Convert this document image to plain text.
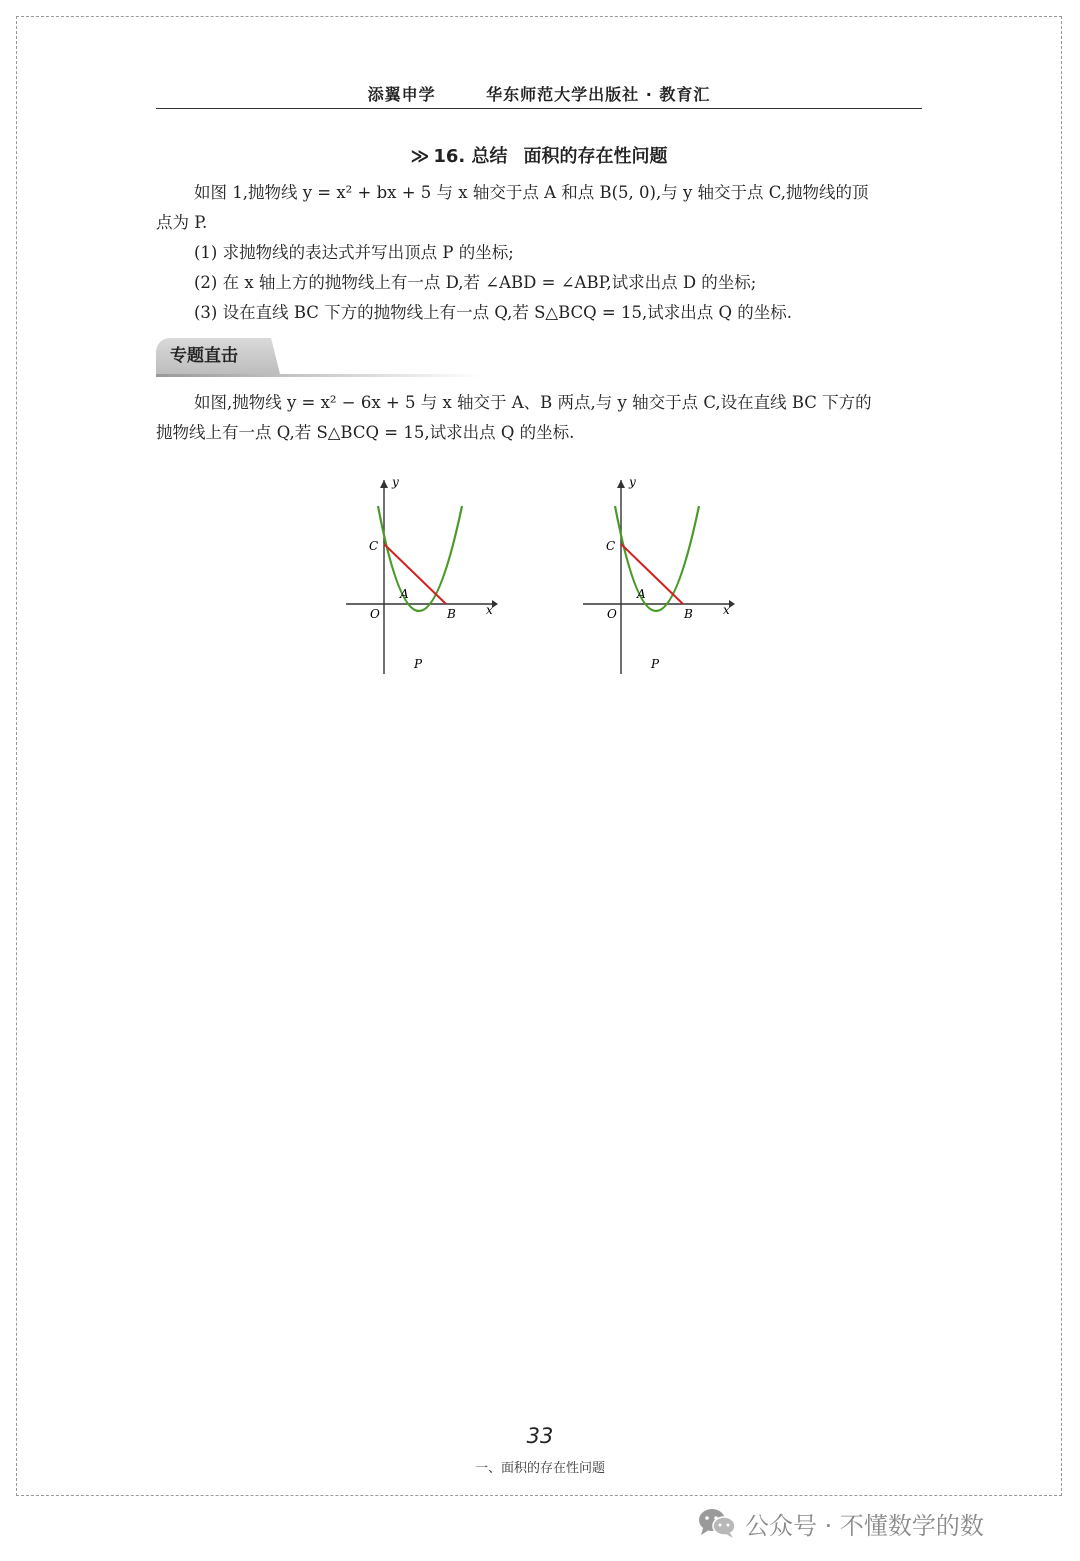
添翼申学	华东师范大学出版社 · 教育汇
≫ 16. 总结 面积的存在性问题
如图 1,抛物线 y = x² + bx + 5 与 x 轴交于点 A 和点 B(5, 0),与 y 轴交于点 C,抛物线的顶
点为 P.
(1) 求抛物线的表达式并写出顶点 P 的坐标;
(2) 在 x 轴上方的抛物线上有一点 D,若 ∠ABD = ∠ABP,试求出点 D 的坐标;
(3) 设在直线 BC 下方的抛物线上有一点 Q,若 S△BCQ = 15,试求出点 Q 的坐标.
专题直击
如图,抛物线 y = x² − 6x + 5 与 x 轴交于 A、B 两点,与 y 轴交于点 C,设在直线 BC 下方的
抛物线上有一点 Q,若 S△BCQ = 15,试求出点 Q 的坐标.
y
x
C
O
A
B
P
y
x
C
O
A
B
P
33
一、面积的存在性问题
公众号 · 不懂数学的数
